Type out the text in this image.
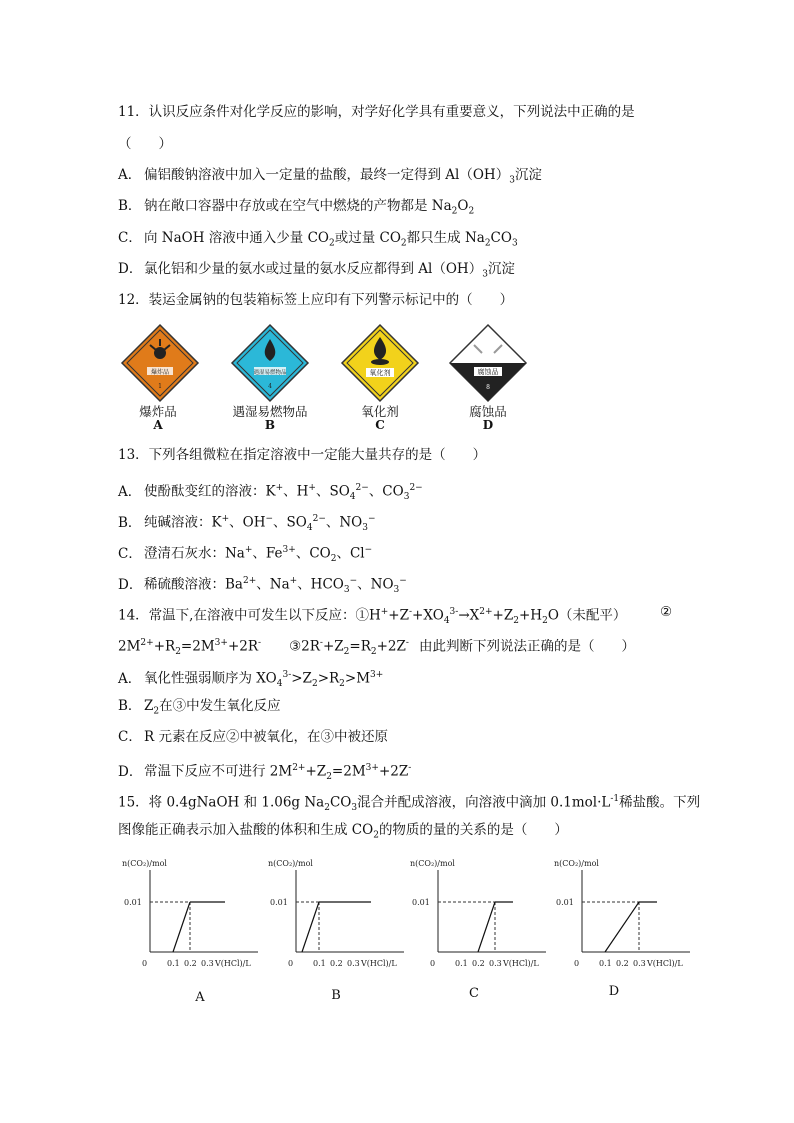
11．认识反应条件对化学反应的影响，对学好化学具有重要意义，下列说法中正确的是
（　　）
A． 偏铝酸钠溶液中加入一定量的盐酸，最终一定得到 $Al(OH)_3$沉淀
B． 钠在敞口容器中存放或在空气中燃烧的产物都是 $Na_2O_2$
C． 向 NaOH 溶液中通入少量 $CO_2$或过量 $CO_2$都只生成 $Na_2CO_3$
D． 氯化铝和少量的氨水或过量的氨水反应都得到 $Al(OH)_3$沉淀
12．装运金属钠的包装箱标签上应印有下列警示标记中的（　　）
爆炸品
1
遇湿易燃物品
4
氧化剂	腐蚀品
8
爆炸品	遇湿易燃物品	氧化剂	腐蚀品
A	B	C	D
13．下列各组微粒在指定溶液中一定能大量共存的是（　　）
A． 使酚酞变红的溶液：K+、H+、$SO_4^{2-}$、$CO_3^{2-}$
B． 纯碱溶液：K+、OH−、$SO_4^{2-}$、$NO_3^-$
C． 澄清石灰水：Na+、$Fe^{3+}$、$CO_2$、Cl−
D． 稀硫酸溶液：$Ba^{2+}$、Na+、$HCO_3^-$、$NO_3^-$
14．常温下,在溶液中可发生以下反应：$①H^++Z^-+XO_4^{3-}\to X^{2+}+Z_2+H_2O$（未配平） ②
$2M^{2+}+R_2=2M^{3+}+2R^-$ $③2R^-+Z_2=R_2+2Z^-$ 由此判断下列说法正确的是（　　）
A． 氧化性强弱顺序为 $XO_4^{3-}>Z_2>R_2>M^{3+}$
B． $Z_2$在③中发生氧化反应
C． R 元素在反应②中被氧化，在③中被还原
D． 常温下反应不可进行 $2M^{2+}+Z_2=2M^{3+}+2Z^-$
15．将 0.4gNaOH 和 1.06g $Na_2CO_3$混合并配成溶液，向溶液中滴加 $0.1mol\cdot L^{-1}$稀盐酸。下列
图像能正确表示加入盐酸的体积和生成 $CO_2$的物质的量的关系的是（　　）
n(CO₂)/mol
0.01
0 0.1 0.2 0.3 V(HCl)/L
n(CO₂)/mol
0.01
0 0.1 0.2 0.3 V(HCl)/L
n(CO₂)/mol
0.01
0 0.1 0.2 0.3 V(HCl)/L
n(CO₂)/mol
0.01
0 0.1 0.2 0.3 V(HCl)/L
A	B	C	D
